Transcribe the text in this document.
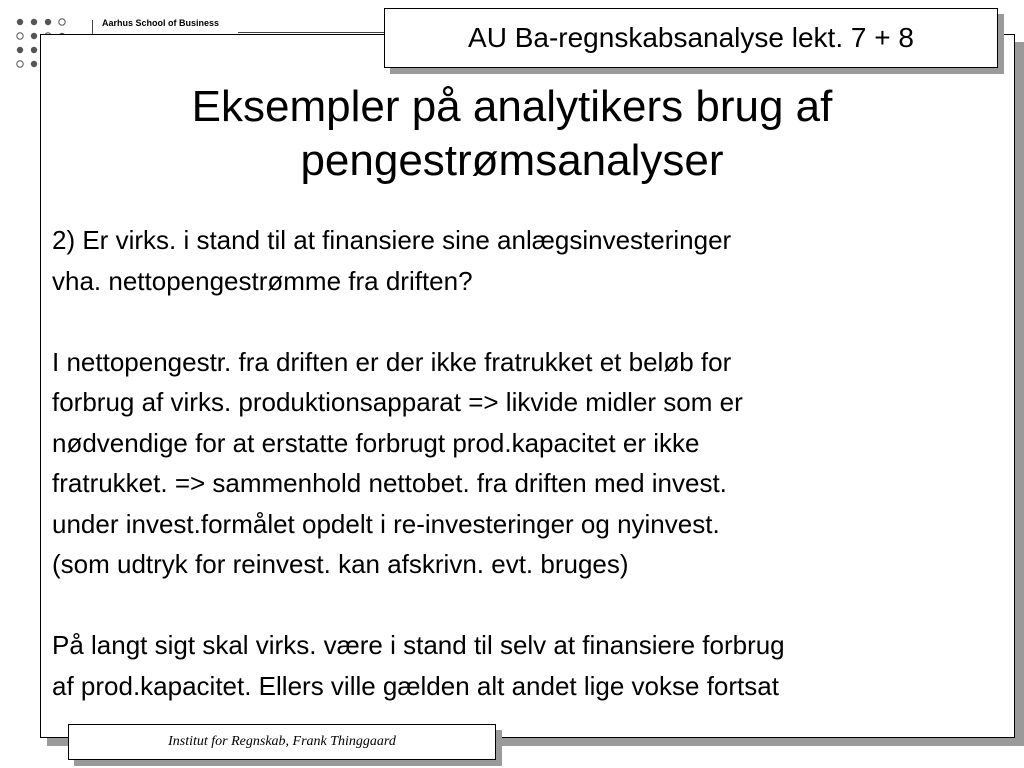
Aarhus School of Business	AU Ba-regnskabsanalyse lekt. 7 + 8
Eksempler på analytikers brug af
pengestrømsanalyser
2) Er virks. i stand til at finansiere sine anlægsinvesteringer
vha. nettopengestrømme fra driften?
I nettopengestr. fra driften er der ikke fratrukket et beløb for
forbrug af virks. produktionsapparat => likvide midler som er
nødvendige for at erstatte forbrugt prod.kapacitet er ikke
fratrukket. => sammenhold nettobet. fra driften med invest.
under invest.formålet opdelt i re-investeringer og nyinvest.
(som udtryk for reinvest. kan afskrivn. evt. bruges)
På langt sigt skal virks. være i stand til selv at finansiere forbrug
af prod.kapacitet. Ellers ville gælden alt andet lige vokse fortsat
Institut for Regnskab, Frank Thinggaard
